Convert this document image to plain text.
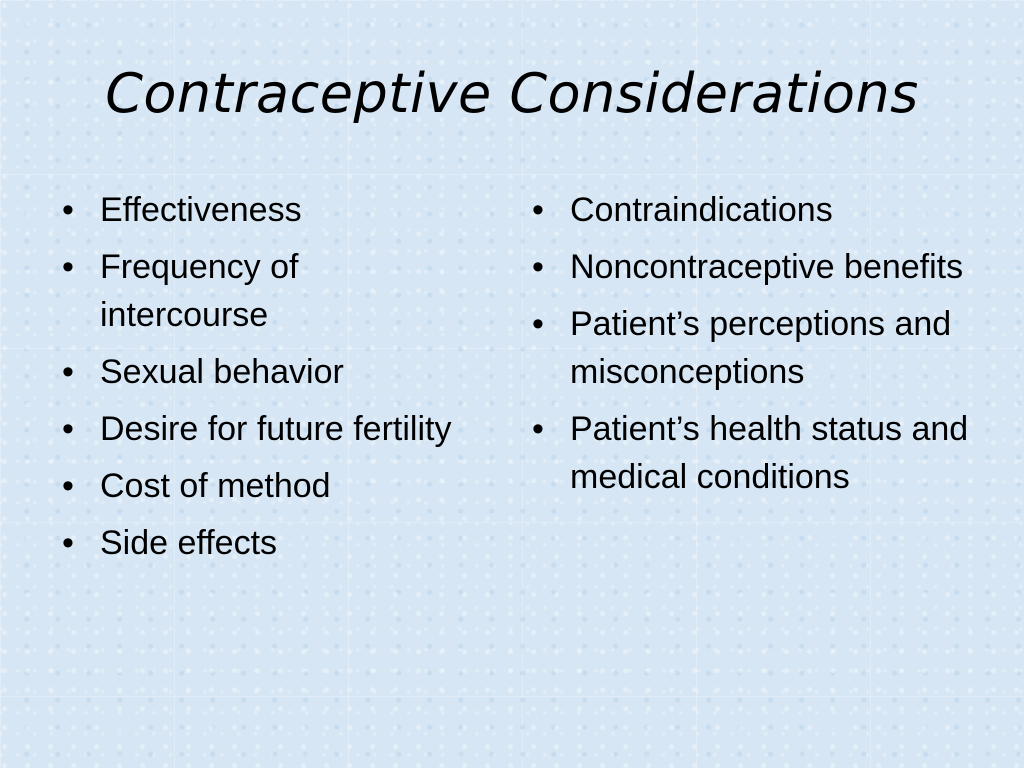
Contraceptive Considerations
• Effectiveness
• Frequency of intercourse
• Sexual behavior
• Desire for future fertility
• Cost of method
• Side effects
• Contraindications
• Noncontraceptive benefits
• Patient’s perceptions and misconceptions
• Patient’s health status and medical conditions
